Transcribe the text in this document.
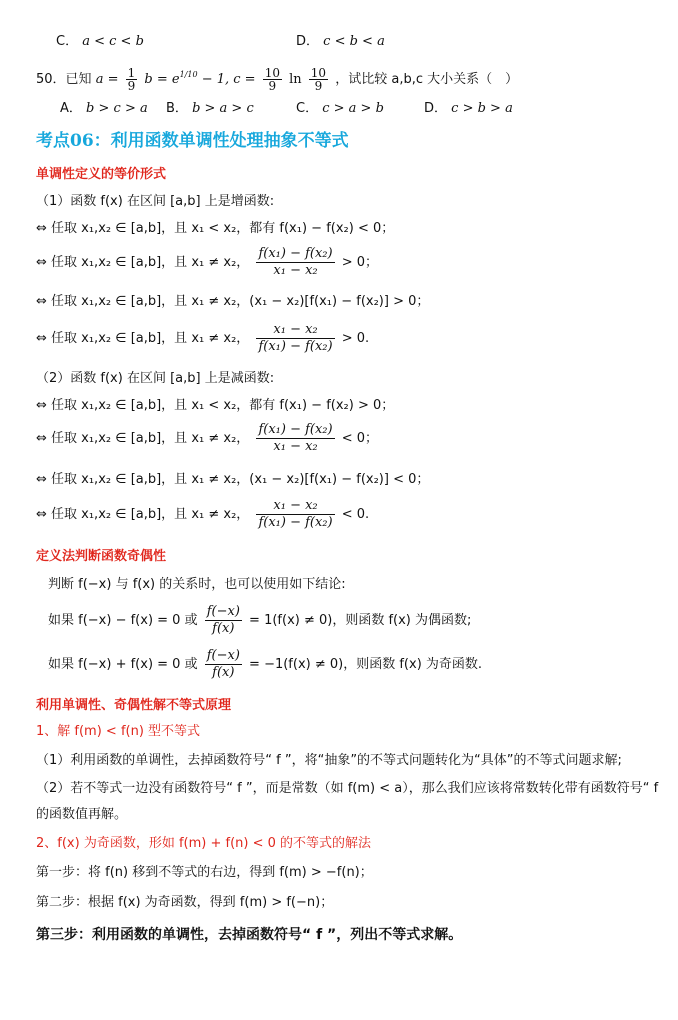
C． a < c < b	D． c < b < a
50．已知 $a = \frac{1}{9}$ $b = e^{1/10} - 1$, $c = \frac{10}{9}$ $\ln \frac{10}{9}$ ，试比较 a,b,c 大小关系（　）
A． b > c > a B． b > a > c	C． c > a > b	D． c > b > a
考点06：利用函数单调性处理抽象不等式
单调性定义的等价形式
（1）函数 f(x) 在区间 [a,b] 上是增函数:
⇔ 任取 x₁,x₂ ∈ [a,b]，且 x₁ < x₂，都有 f(x₁) − f(x₂) < 0；
⇔ 任取 x₁,x₂ ∈ [a,b]，且 x₁ ≠ x₂， $\frac{\text{f(x₁) − f(x₂)}}{\text{x₁ − x₂}} > 0$；
⇔ 任取 x₁,x₂ ∈ [a,b]，且 x₁ ≠ x₂，(x₁ − x₂)[f(x₁) − f(x₂)] > 0；
⇔ 任取 x₁,x₂ ∈ [a,b]，且 x₁ ≠ x₂， $\frac{\text{x₁ − x₂}}{\text{f(x₁) − f(x₂)}} > 0$.
（2）函数 f(x) 在区间 [a,b] 上是减函数:
⇔ 任取 x₁,x₂ ∈ [a,b]，且 x₁ < x₂，都有 f(x₁) − f(x₂) > 0；
⇔ 任取 x₁,x₂ ∈ [a,b]，且 x₁ ≠ x₂， $\frac{\text{f(x₁) − f(x₂)}}{\text{x₁ − x₂}} < 0$；
⇔ 任取 x₁,x₂ ∈ [a,b]，且 x₁ ≠ x₂，(x₁ − x₂)[f(x₁) − f(x₂)] < 0；
⇔ 任取 x₁,x₂ ∈ [a,b]，且 x₁ ≠ x₂， $\frac{\text{x₁ − x₂}}{\text{f(x₁) − f(x₂)}} < 0$.
定义法判断函数奇偶性
判断 f(−x) 与 f(x) 的关系时，也可以使用如下结论:
如果 f(−x) − f(x) = 0 或 $\frac{f(-x)}{f(x)} = 1(f(x) \ne 0)$，则函数 f(x) 为偶函数;
如果 f(−x) + f(x) = 0 或 $\frac{f(-x)}{f(x)} = -1(f(x) \ne 0)$，则函数 f(x) 为奇函数.
利用单调性、奇偶性解不等式原理
1、解 f(m) < f(n) 型不等式
（1）利用函数的单调性，去掉函数符号“ f ”，将“抽象”的不等式问题转化为“具体”的不等式问题求解;
（2）若不等式一边没有函数符号“ f ”，而是常数（如 f(m) < a），那么我们应该将常数转化带有函数符号“ f
的函数值再解。
2、f(x) 为奇函数，形如 f(m) + f(n) < 0 的不等式的解法
第一步：将 f(n) 移到不等式的右边，得到 f(m) > −f(n)；
第二步：根据 f(x) 为奇函数，得到 f(m) > f(−n)；
第三步：利用函数的单调性，去掉函数符号“ f ”，列出不等式求解。
